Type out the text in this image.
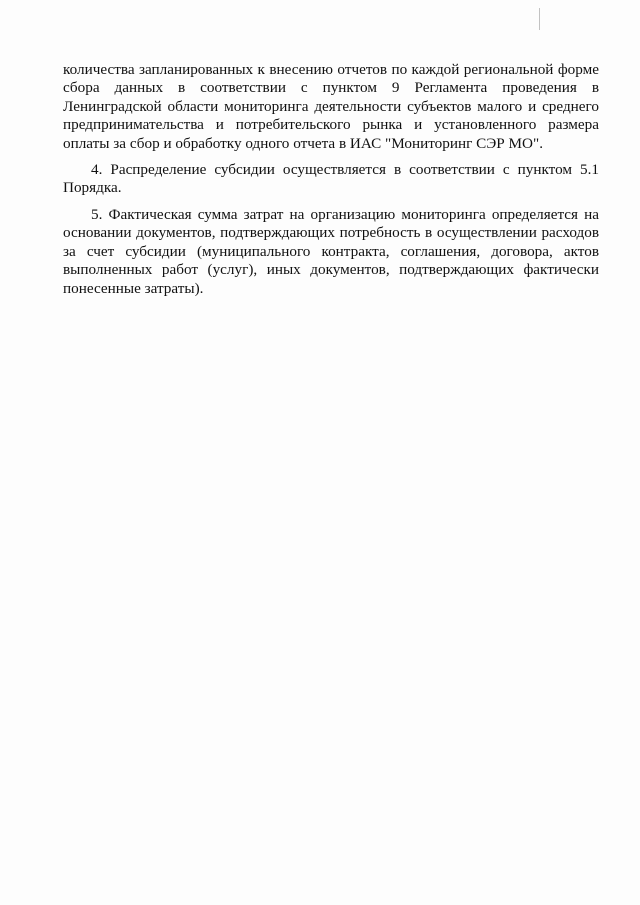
количества запланированных к внесению отчетов по каждой региональной форме сбора данных в соответствии с пунктом 9 Регламента проведения в Ленинградской области мониторинга деятельности субъектов малого и среднего предпринимательства и потребительского рынка и установленного размера оплаты за сбор и обработку одного отчета в ИАС "Мониторинг СЭР МО".

4. Распределение субсидии осуществляется в соответствии с пунктом 5.1 Порядка.

5. Фактическая сумма затрат на организацию мониторинга определяется на основании документов, подтверждающих потребность в осуществлении расходов за счет субсидии (муниципального контракта, соглашения, договора, актов выполненных работ (услуг), иных документов, подтверждающих фактически понесенные затраты).
